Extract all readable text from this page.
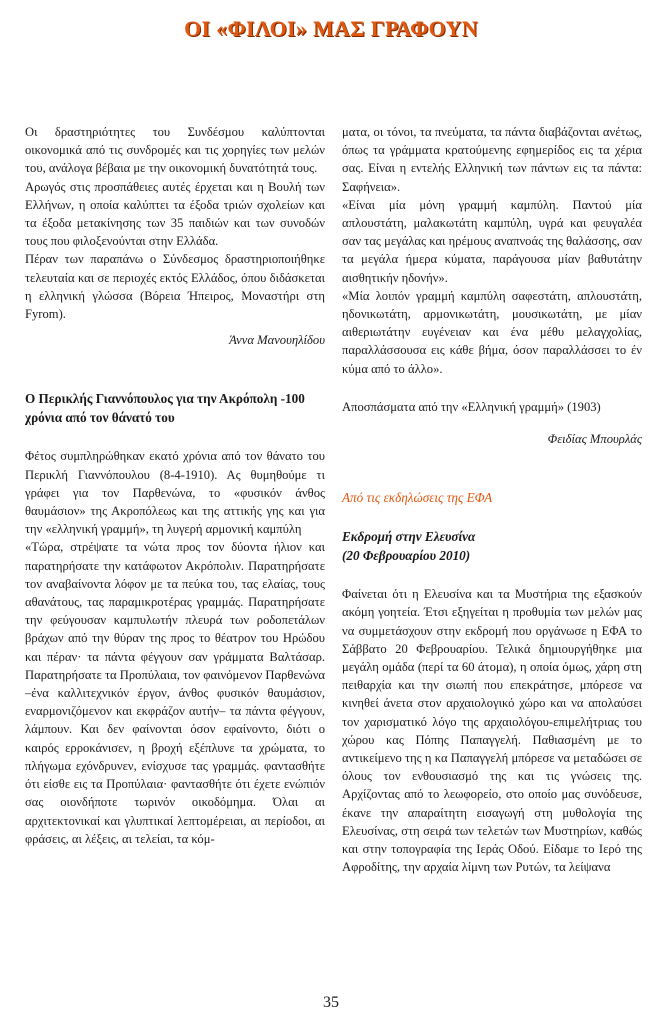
ΟΙ «ΦΙΛΟΙ» ΜΑΣ ΓΡΑΦΟΥΝ

Οι δραστηριότητες του Συνδέσμου καλύπτονται οικονομικά από τις συνδρομές και τις χορηγίες των μελών του, ανάλογα βέβαια με την οικονομική δυνατότητά τους.

Αρωγός στις προσπάθειες αυτές έρχεται και η Βουλή των Ελλήνων, η οποία καλύπτει τα έξοδα τριών σχολείων και τα έξοδα μετακίνησης των 35 παιδιών και των συνοδών τους που φιλοξενούνται στην Ελλάδα.

Πέραν των παραπάνω ο Σύνδεσμος δραστηριοποιήθηκε τελευταία και σε περιοχές εκτός Ελλάδος, όπου διδάσκεται η ελληνική γλώσσα (Βόρεια Ήπειρος, Μοναστήρι στη Fyrom).

Άννα Μανουηλίδου

Ο Περικλής Γιαννόπουλος για την Ακρόπολη -100 χρόνια από τον θάνατό του

Φέτος συμπληρώθηκαν εκατό χρόνια από τον θάνατο του Περικλή Γιαννόπουλου (8-4-1910). Ας θυμηθούμε τι γράφει για τον Παρθενώνα, το «φυσικόν άνθος θαυμάσιον» της Ακροπόλεως και της αττικής γης και για την «ελληνική γραμμή», τη λυγερή αρμονική καμπύλη

«Τώρα, στρέψατε τα νώτα προς τον δύοντα ήλιον και παρατηρήσατε την κατάφωτον Ακρόπολιν. Παρατηρήσατε τον αναβαίνοντα λόφον με τα πεύκα του, τας ελαίας, τους αθανάτους, τας παραμικροτέρας γραμμάς. Παρατηρήσατε την φεύγουσαν καμπυλωτήν πλευρά των ροδοπετάλων βράχων από την θύραν της προς το θέατρον του Ηρώδου και πέραν· τα πάντα φέγγουν σαν γράμματα Βαλτάσαρ. Παρατηρήσατε τα Προπύλαια, τον φαινόμενον Παρθενώνα –ένα καλλιτεχνικόν έργον, άνθος φυσικόν θαυμάσιον, εναρμονιζόμενον και εκφράζον αυτήν– τα πάντα φέγγουν, λάμπουν. Και δεν φαίνονται όσον εφαίνοντο, διότι ο καιρός ερροκάνισεν, η βροχή εξέπλυνε τα χρώματα, το πλήγωμα εχόνδρυνεν, ενίσχυσε τας γραμμάς. φαντασθήτε ότι είσθε εις τα Προπύλαια· φαντασθήτε ότι έχετε ενώπιόν σας οιονδήποτε τωρινόν οικοδόμημα. Όλαι αι αρχιτεκτονικαί και γλυπτικαί λεπτομέρειαι, αι περίοδοι, αι φράσεις, αι λέξεις, αι τελείαι, τα κόμ-

ματα, οι τόνοι, τα πνεύματα, τα πάντα διαβάζονται ανέτως, όπως τα γράμματα κρατούμενης εφημερίδος εις τα χέρια σας. Είναι η εντελής Ελληνική των πάντων εις τα πάντα: Σαφήνεια».

«Είναι μία μόνη γραμμή καμπύλη. Παντού μία απλουστάτη, μαλακωτάτη καμπύλη, υγρά και φευγαλέα σαν τας μεγάλας και ηρέμους αναπνοάς της θαλάσσης, σαν τα μεγάλα ήμερα κύματα, παράγουσα μίαν βαθυτάτην αισθητικήν ηδονήν».

«Μία λοιπόν γραμμή καμπύλη σαφεστάτη, απλουστάτη, ηδονικωτάτη, αρμονικωτάτη, μουσικωτάτη, με μίαν αιθεριωτάτην ευγένειαν και ένα μέθυ μελαγχολίας, παραλλάσσουσα εις κάθε βήμα, όσον παραλλάσσει το έν κύμα από το άλλο».

Αποσπάσματα από την «Ελληνική γραμμή» (1903)

Φειδίας Μπουρλάς

Από τις εκδηλώσεις της ΕΦΑ

Εκδρομή στην Ελευσίνα

(20 Φεβρουαρίου 2010)

Φαίνεται ότι η Ελευσίνα και τα Μυστήρια της εξασκούν ακόμη γοητεία. Έτσι εξηγείται η προθυμία των μελών μας να συμμετάσχουν στην εκδρομή που οργάνωσε η ΕΦΑ το Σάββατο 20 Φεβρουαρίου. Τελικά δημιουργήθηκε μια μεγάλη ομάδα (περί τα 60 άτομα), η οποία όμως, χάρη στη πειθαρχία και την σιωπή που επεκράτησε, μπόρεσε να κινηθεί άνετα στον αρχαιολογικό χώρο και να απολαύσει τον χαρισματικό λόγο της αρχαιολόγου-επιμελήτριας του χώρου κας Πόπης Παπαγγελή. Παθιασμένη με το αντικείμενο της η κα Παπαγγελή μπόρεσε να μεταδώσει σε όλους τον ενθουσιασμό της και τις γνώσεις της. Αρχίζοντας από το λεωφορείο, στο οποίο μας συνόδευσε, έκανε την απαραίτητη εισαγωγή στη μυθολογία της Ελευσίνας, στη σειρά των τελετών των Μυστηρίων, καθώς και στην τοπογραφία της Ιεράς Οδού. Είδαμε το Ιερό της Αφροδίτης, την αρχαία λίμνη των Ρυτών, τα λείψανα

35
